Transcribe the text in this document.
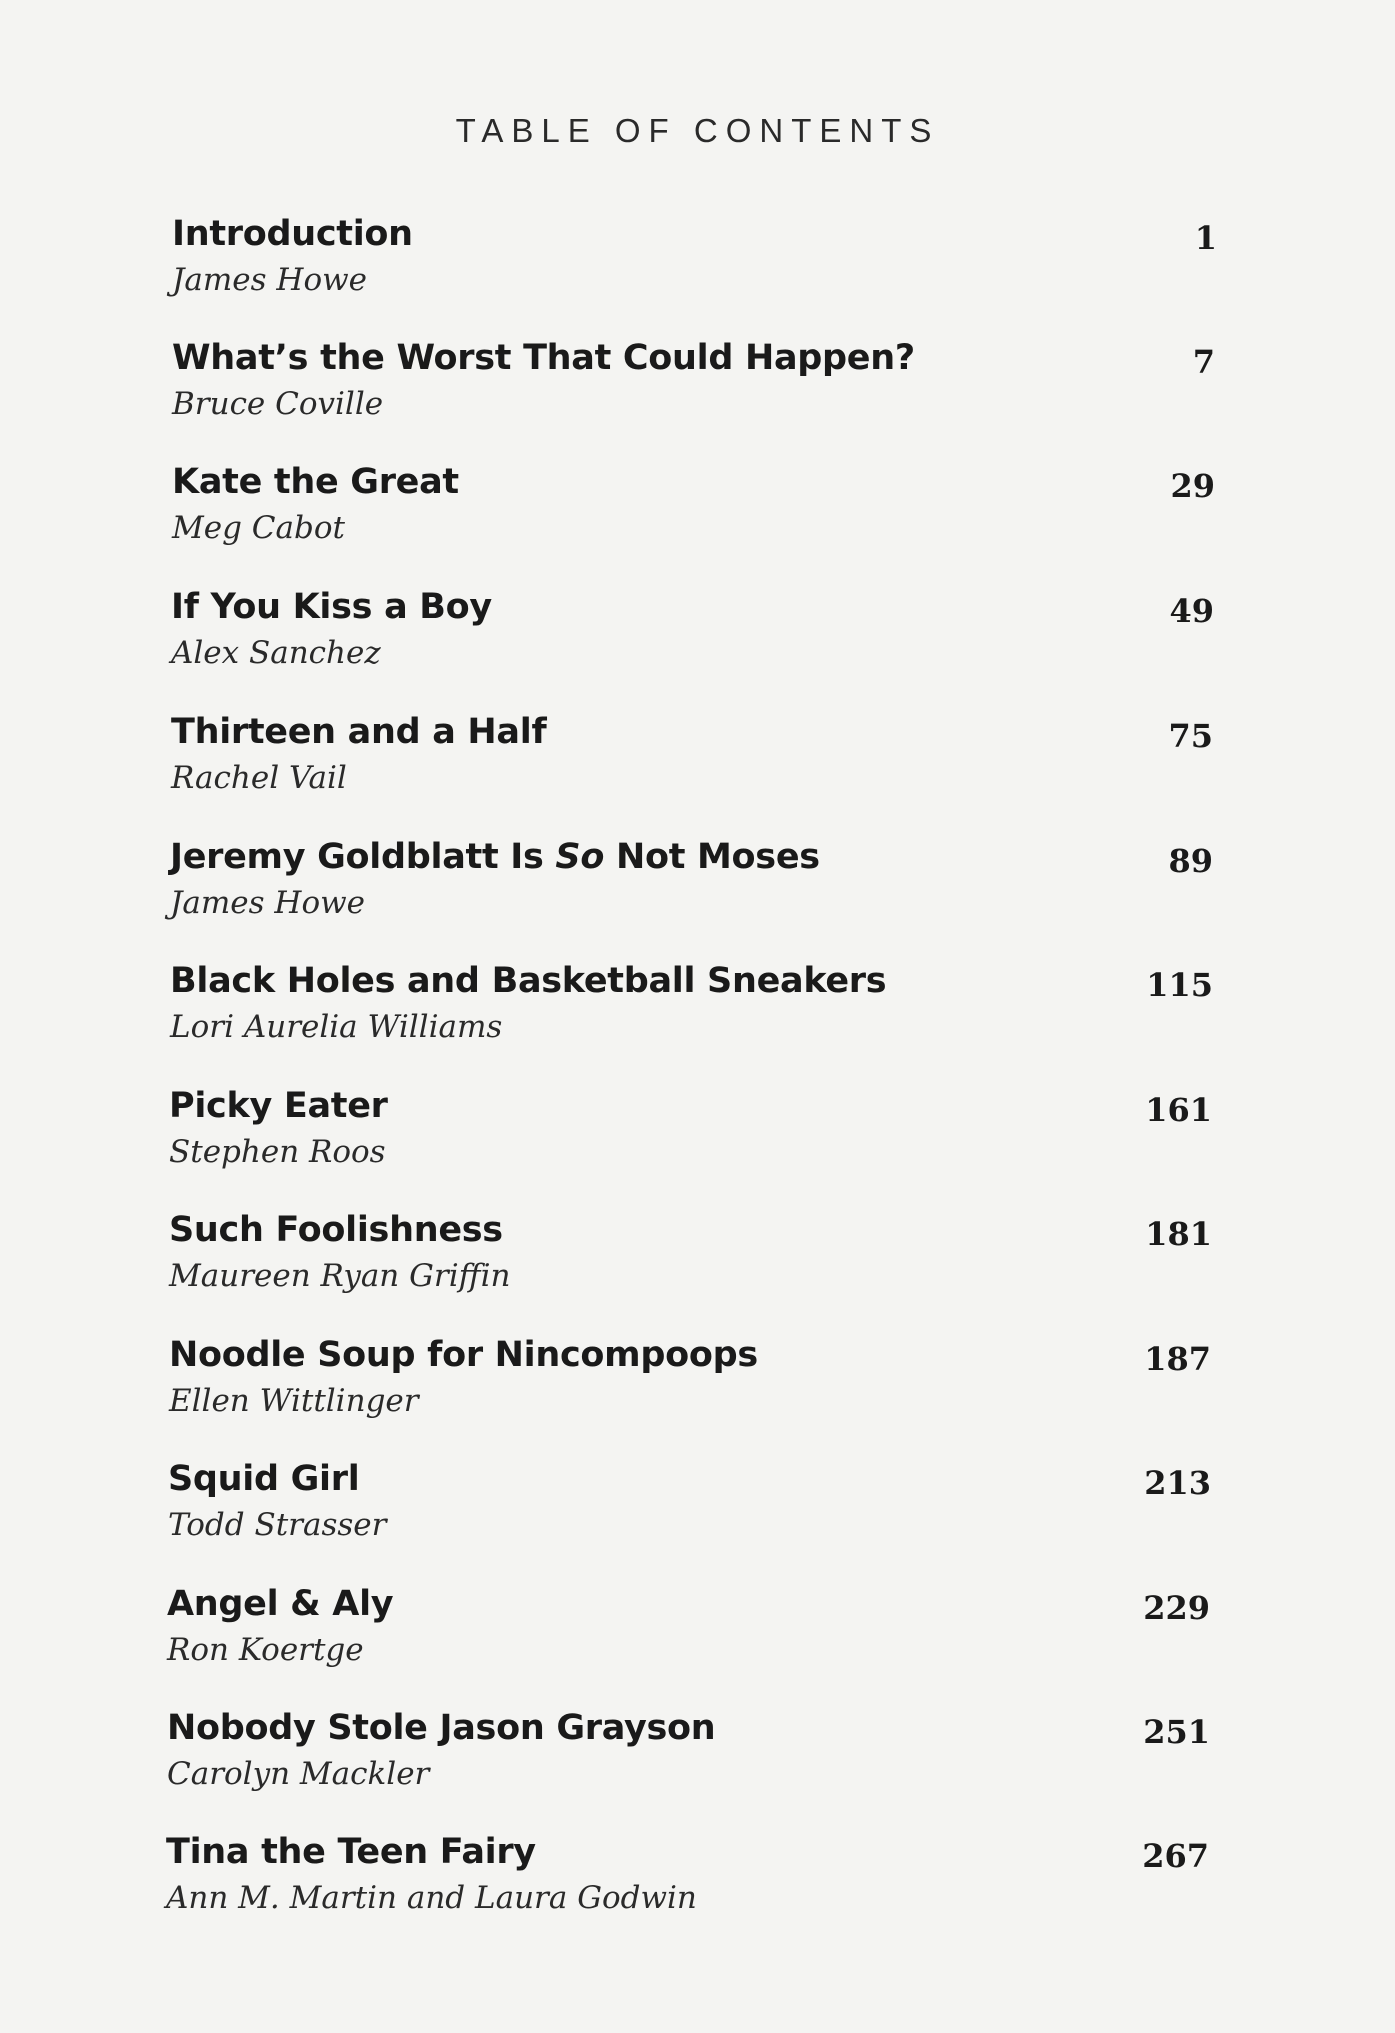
TABLE OF CONTENTS
Introduction
James Howe
1
What’s the Worst That Could Happen?
Bruce Coville
7
Kate the Great
Meg Cabot
29
If You Kiss a Boy
Alex Sanchez
49
Thirteen and a Half
Rachel Vail
75
Jeremy Goldblatt Is So Not Moses
James Howe
89
Black Holes and Basketball Sneakers
Lori Aurelia Williams
115
Picky Eater
Stephen Roos
161
Such Foolishness
Maureen Ryan Griffin
181
Noodle Soup for Nincompoops
Ellen Wittlinger
187
Squid Girl
Todd Strasser
213
Angel & Aly
Ron Koertge
229
Nobody Stole Jason Grayson
Carolyn Mackler
251
Tina the Teen Fairy
Ann M. Martin and Laura Godwin
267
